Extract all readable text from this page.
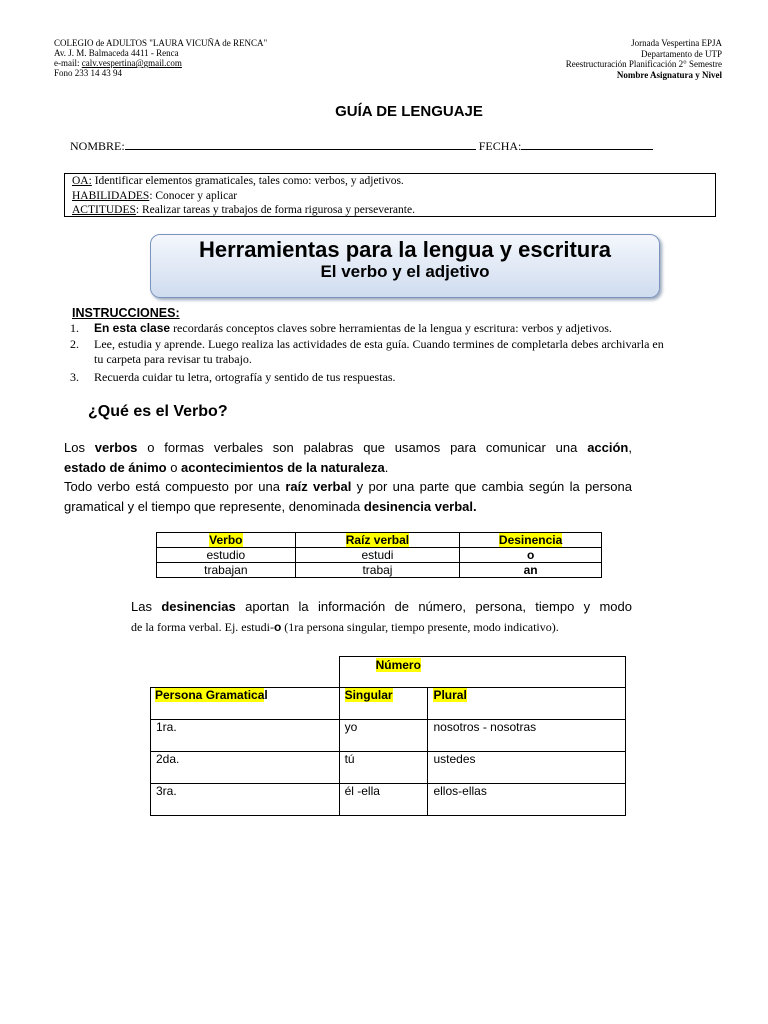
COLEGIO de ADULTOS "LAURA VICUÑA de RENCA"
Av. J. M. Balmaceda 4411 - Renca
e-mail: calv.vespertina@gmail.com
Fono 233 14 43 94
Jornada Vespertina EPJA
Departamento de UTP
Reestructuración Planificación 2° Semestre
Nombre Asignatura y Nivel
GUÍA DE LENGUAJE
NOMBRE:	FECHA:
OA: Identificar elementos gramaticales, tales como: verbos, y adjetivos.
HABILIDADES: Conocer y aplicar
ACTITUDES: Realizar tareas y trabajos de forma rigurosa y perseverante.
Herramientas para la lengua y escritura
El verbo y el adjetivo
INSTRUCCIONES:
1. En esta clase recordarás conceptos claves sobre herramientas de la lengua y escritura: verbos y adjetivos.
2. Lee, estudia y aprende. Luego realiza las actividades de esta guía. Cuando termines de completarla debes archivarla en tu carpeta para revisar tu trabajo.
3. Recuerda cuidar tu letra, ortografía y sentido de tus respuestas.
¿Qué es el Verbo?
Los verbos o formas verbales son palabras que usamos para comunicar una acción,
estado de ánimo o acontecimientos de la naturaleza.
Todo verbo está compuesto por una raíz verbal y por una parte que cambia según la persona gramatical y el tiempo que represente, denominada desinencia verbal.
Verbo	Raíz verbal	Desinencia
estudio	estudi	o
trabajan	trabaj	an
Las desinencias aportan la información de número, persona, tiempo y modo
de la forma verbal. Ej. estudi-o (1ra persona singular, tiempo presente, modo indicativo).
	Número	
Persona Gramatical	Singular	Plural
1ra.	yo	nosotros - nosotras
2da.	tú	ustedes
3ra.	él -ella	ellos-ellas
